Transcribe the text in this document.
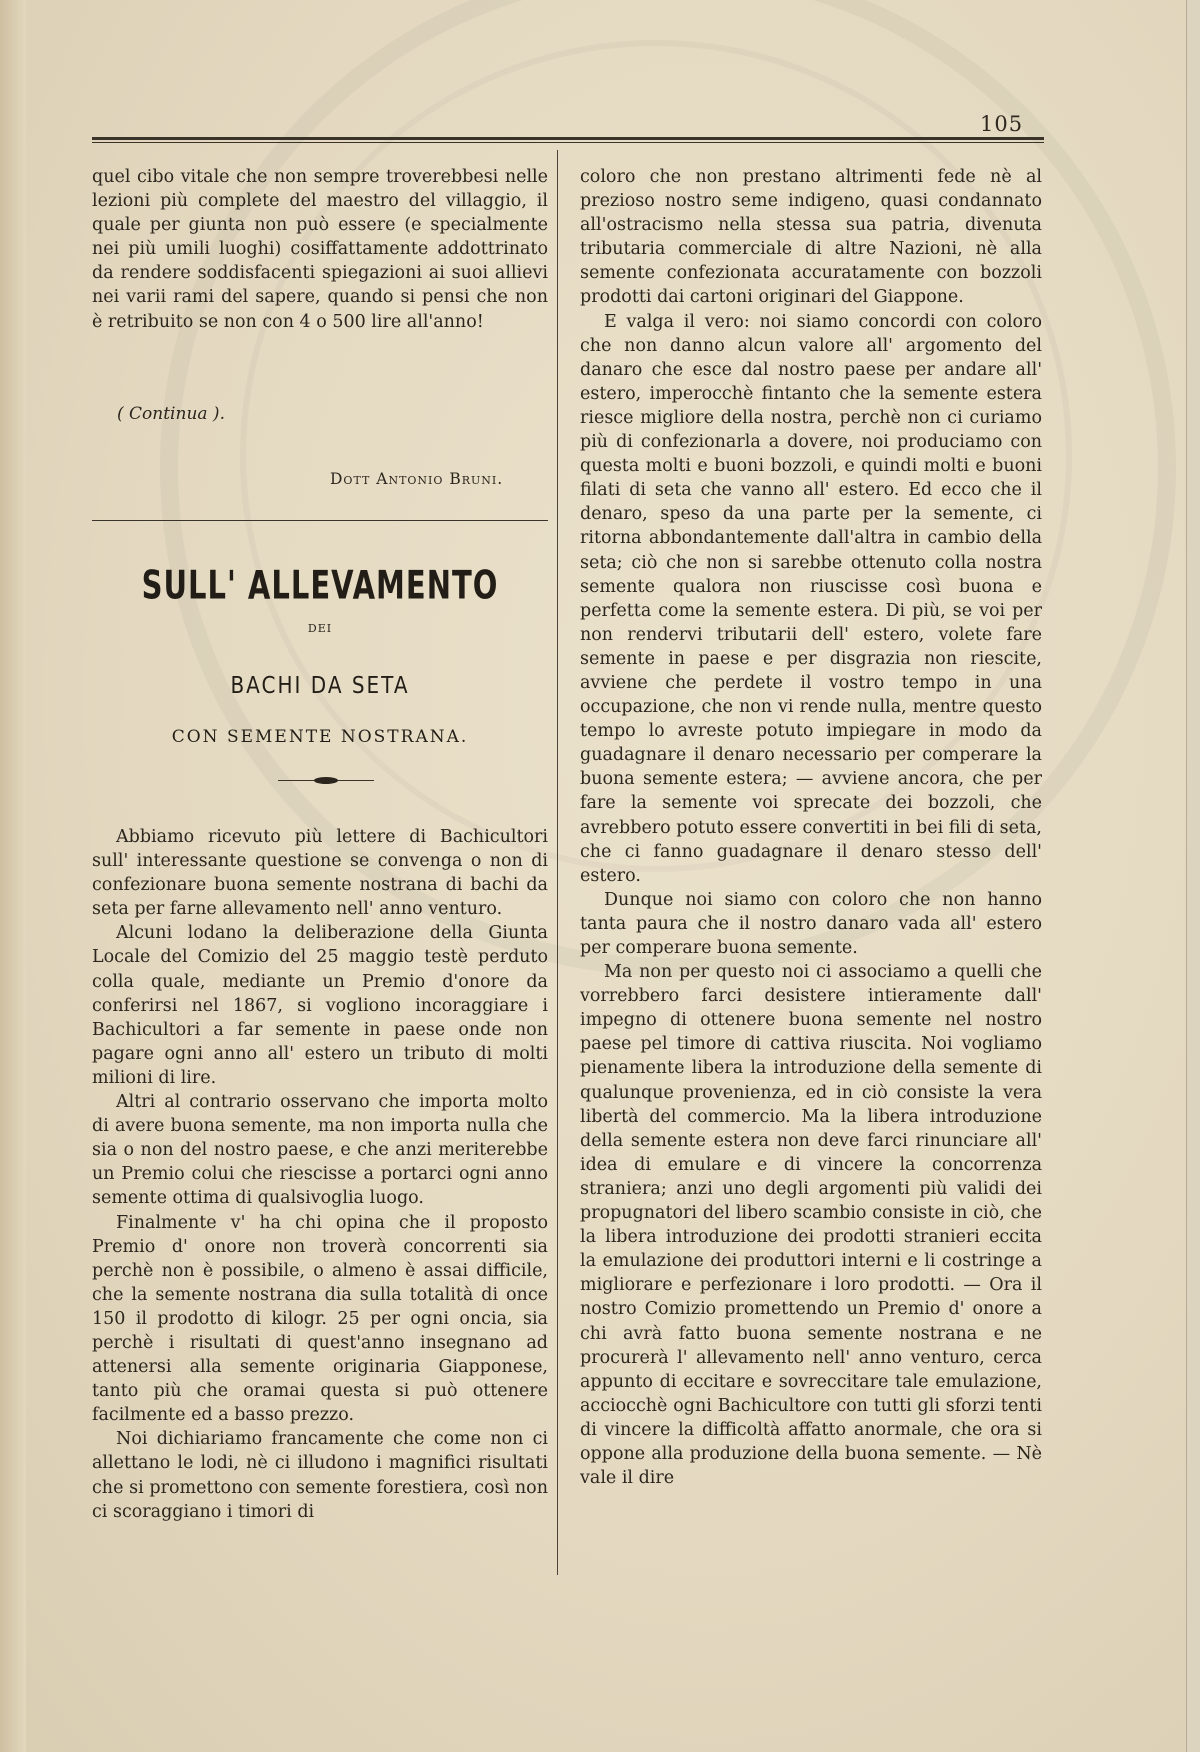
105

quel cibo vitale che non sempre troverebbesi nelle lezioni più complete del maestro del villaggio, il quale per giunta non può essere (e specialmente nei più umili luoghi) cosiffattamente addottrinato da rendere soddisfacenti spiegazioni ai suoi allievi nei varii rami del sapere, quando si pensi che non è retribuito se non con 4 o 500 lire all'anno!

( Continua ).
Dott Antonio Bruni.
SULL' ALLEVAMENTO
DEI
BACHI DA SETA
CON SEMENTE NOSTRANA.

Abbiamo ricevuto più lettere di Bachicultori sull' interessante questione se convenga o non di confezionare buona semente nostrana di bachi da seta per farne allevamento nell' anno venturo.

Alcuni lodano la deliberazione della Giunta Locale del Comizio del 25 maggio testè perduto colla quale, mediante un Premio d'onore da conferirsi nel 1867, si vogliono incoraggiare i Bachicultori a far semente in paese onde non pagare ogni anno all' estero un tributo di molti milioni di lire.

Altri al contrario osservano che importa molto di avere buona semente, ma non importa nulla che sia o non del nostro paese, e che anzi meriterebbe un Premio colui che riescisse a portarci ogni anno semente ottima di qualsivoglia luogo.

Finalmente v' ha chi opina che il proposto Premio d' onore non troverà concorrenti sia perchè non è possibile, o almeno è assai difficile, che la semente nostrana dia sulla totalità di once 150 il prodotto di kilogr. 25 per ogni oncia, sia perchè i risultati di quest'anno insegnano ad attenersi alla semente originaria Giapponese, tanto più che oramai questa si può ottenere facilmente ed a basso prezzo.

Noi dichiariamo francamente che come non ci allettano le lodi, nè ci illudono i magnifici risultati che si promettono con semente forestiera, così non ci scoraggiano i timori di

coloro che non prestano altrimenti fede nè al prezioso nostro seme indigeno, quasi condannato all'ostracismo nella stessa sua patria, divenuta tributaria commerciale di altre Nazioni, nè alla semente confezionata accuratamente con bozzoli prodotti dai cartoni originari del Giappone.

E valga il vero: noi siamo concordi con coloro che non danno alcun valore all' argomento del danaro che esce dal nostro paese per andare all' estero, imperocchè fintanto che la semente estera riesce migliore della nostra, perchè non ci curiamo più di confezionarla a dovere, noi produciamo con questa molti e buoni bozzoli, e quindi molti e buoni filati di seta che vanno all' estero. Ed ecco che il denaro, speso da una parte per la semente, ci ritorna abbondantemente dall'altra in cambio della seta; ciò che non si sarebbe ottenuto colla nostra semente qualora non riuscisse così buona e perfetta come la semente estera. Di più, se voi per non rendervi tributarii dell' estero, volete fare semente in paese e per disgrazia non riescite, avviene che perdete il vostro tempo in una occupazione, che non vi rende nulla, mentre questo tempo lo avreste potuto impiegare in modo da guadagnare il denaro necessario per comperare la buona semente estera; — avviene ancora, che per fare la semente voi sprecate dei bozzoli, che avrebbero potuto essere convertiti in bei fili di seta, che ci fanno guadagnare il denaro stesso dell' estero.

Dunque noi siamo con coloro che non hanno tanta paura che il nostro danaro vada all' estero per comperare buona semente.

Ma non per questo noi ci associamo a quelli che vorrebbero farci desistere intieramente dall' impegno di ottenere buona semente nel nostro paese pel timore di cattiva riuscita. Noi vogliamo pienamente libera la introduzione della semente di qualunque provenienza, ed in ciò consiste la vera libertà del commercio. Ma la libera introduzione della semente estera non deve farci rinunciare all' idea di emulare e di vincere la concorrenza straniera; anzi uno degli argomenti più validi dei propugnatori del libero scambio consiste in ciò, che la libera introduzione dei prodotti stranieri eccita la emulazione dei produttori interni e li costringe a migliorare e perfezionare i loro prodotti. — Ora il nostro Comizio promettendo un Premio d' onore a chi avrà fatto buona semente nostrana e ne procurerà l' allevamento nell' anno venturo, cerca appunto di eccitare e sovreccitare tale emulazione, acciocchè ogni Bachicultore con tutti gli sforzi tenti di vincere la difficoltà affatto anormale, che ora si oppone alla produzione della buona semente. — Nè vale il dire
